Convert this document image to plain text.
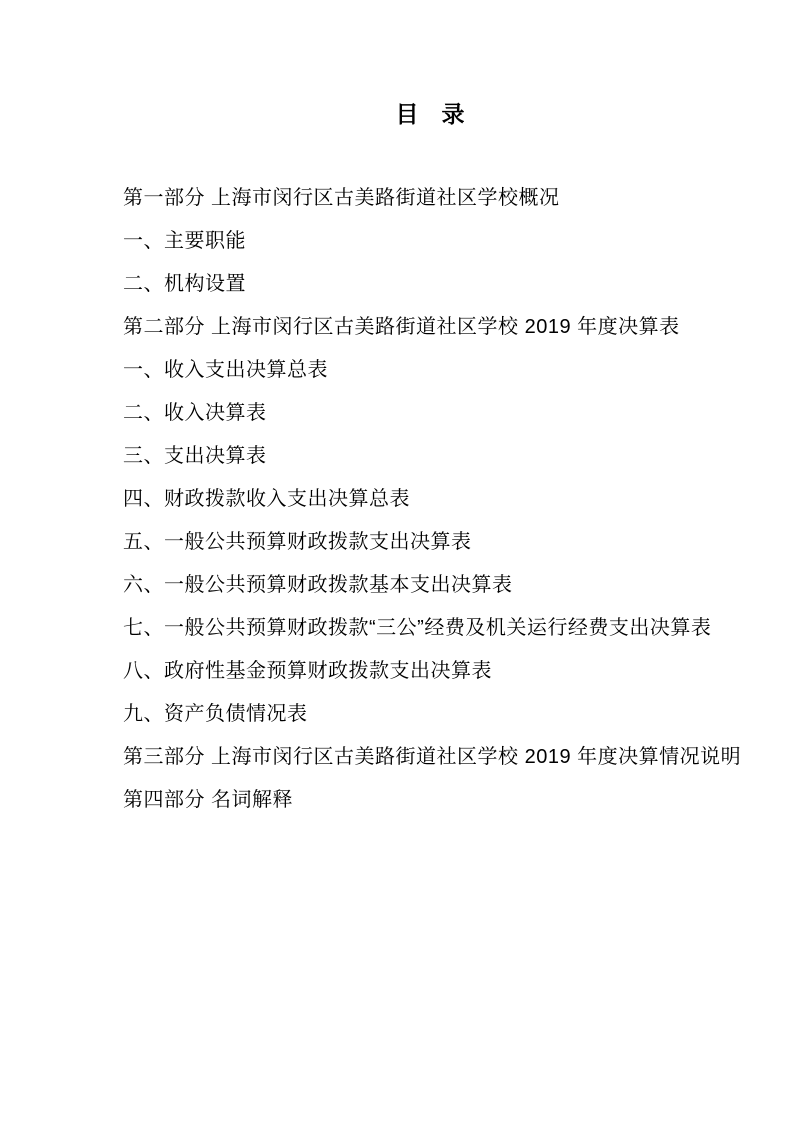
目　录
第一部分 上海市闵行区古美路街道社区学校概况
一、主要职能
二、机构设置
第二部分 上海市闵行区古美路街道社区学校 2019 年度决算表
一、收入支出决算总表
二、收入决算表
三、支出决算表
四、财政拨款收入支出决算总表
五、一般公共预算财政拨款支出决算表
六、一般公共预算财政拨款基本支出决算表
七、一般公共预算财政拨款“三公”经费及机关运行经费支出决算表
八、政府性基金预算财政拨款支出决算表
九、资产负债情况表
第三部分 上海市闵行区古美路街道社区学校 2019 年度决算情况说明
第四部分 名词解释
